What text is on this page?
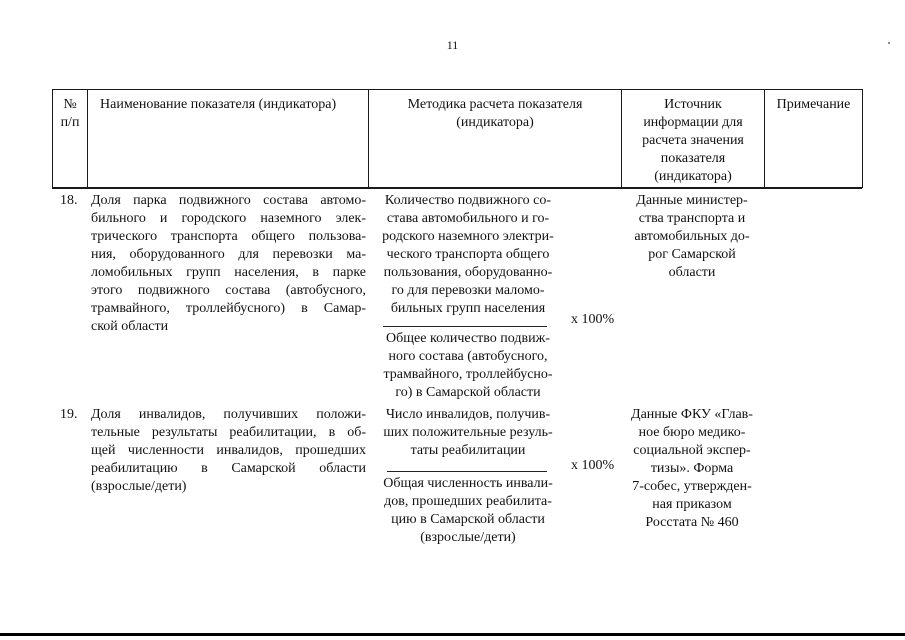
11
№
п/п
Наименование показателя (индикатора)	Методика расчета показателя
(индикатора)
Источник
информации для
расчета значения
показателя
(индикатора)
Примечание
18. Доля парка подвижного состава автомо-
бильного и городского наземного элек-
трического транспорта общего пользова-
ния, оборудованного для перевозки ма-
ломобильных групп населения, в парке
этого подвижного состава (автобусного,
трамвайного, троллейбусного) в Самар-
ской области
Количество подвижного со-
става автомобильного и го-
родского наземного электри-
ческого транспорта общего
пользования, оборудованно-
го для перевозки маломо-
бильных групп населения
x 100%
Общее количество подвиж-
ного состава (автобусного,
трамвайного, троллейбусно-
го) в Самарской области
Данные министер-
ства транспорта и
автомобильных до-
рог Самарской
области
19. Доля инвалидов, получивших положи-
тельные результаты реабилитации, в об-
щей численности инвалидов, прошедших
реабилитацию в Самарской области
(взрослые/дети)
Число инвалидов, получив-
ших положительные резуль-
таты реабилитации
x 100%
Общая численность инвали-
дов, прошедших реабилита-
цию в Самарской области
(взрослые/дети)
Данные ФКУ «Глав-
ное бюро медико-
социальной экспер-
тизы». Форма
7-собес, утвержден-
ная приказом
Росстата № 460
